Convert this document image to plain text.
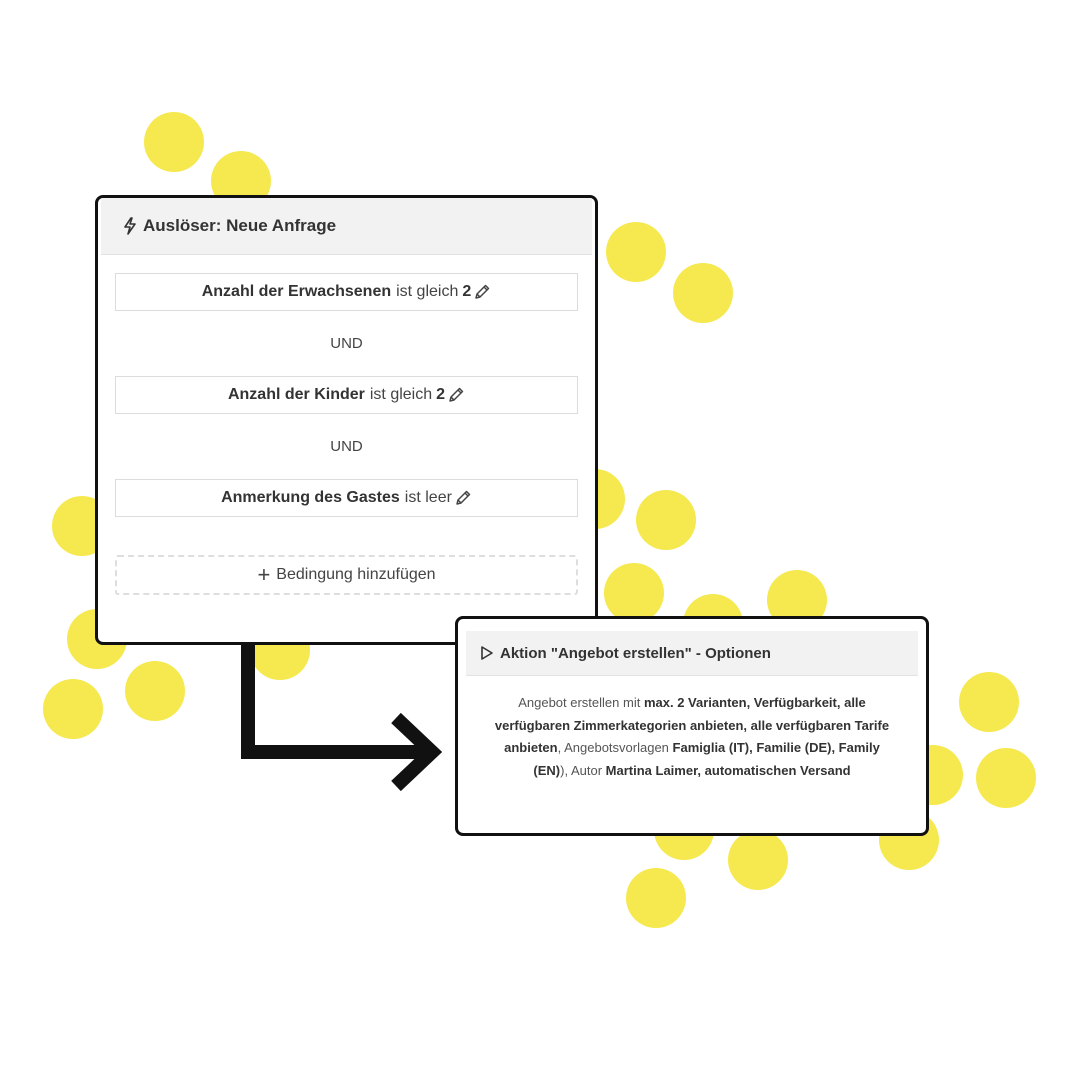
Auslöser: Neue Anfrage
Anzahl der Erwachsenen ist gleich 2
UND
Anzahl der Kinder ist gleich 2
UND
Anmerkung des Gastes ist leer
+ Bedingung hinzufügen
Aktion "Angebot erstellen" - Optionen
Angebot erstellen mit max. 2 Varianten, Verfügbarkeit, alle verfügbaren Zimmerkategorien anbieten, alle verfügbaren Tarife anbieten, Angebotsvorlagen Famiglia (IT), Familie (DE), Family (EN)), Autor Martina Laimer, automatischen Versand
